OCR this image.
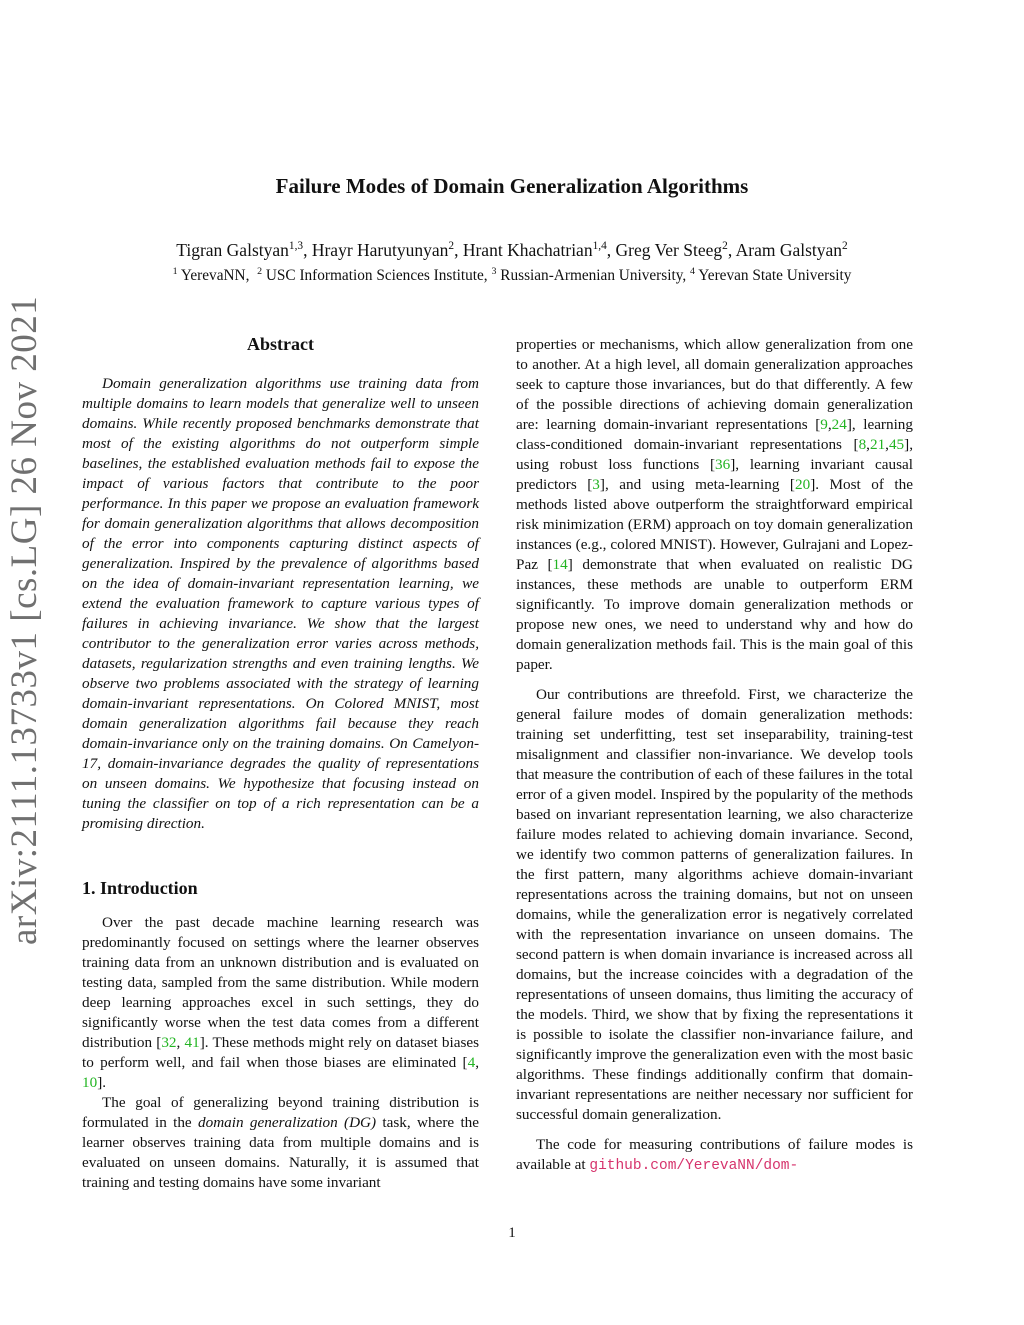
arXiv:2111.13733v1 [cs.LG] 26 Nov 2021
Failure Modes of Domain Generalization Algorithms
Tigran Galstyan$^{1,3}$, Hrayr Harutyunyan$^2$, Hrant Khachatrian$^{1,4}$, Greg Ver Steeg$^2$, Aram Galstyan$^2$
$^1$ YerevaNN, $^2$ USC Information Sciences Institute, $^3$ Russian-Armenian University, $^4$ Yerevan State University
Abstract

Domain generalization algorithms use training data from multiple domains to learn models that generalize well to unseen domains. While recently proposed benchmarks demonstrate that most of the existing algorithms do not outperform simple baselines, the established evaluation methods fail to expose the impact of various factors that contribute to the poor performance. In this paper we propose an evaluation framework for domain generalization algorithms that allows decomposition of the error into components capturing distinct aspects of generalization. Inspired by the prevalence of algorithms based on the idea of domain-invariant representation learning, we extend the evaluation framework to capture various types of failures in achieving invariance. We show that the largest contributor to the generalization error varies across methods, datasets, regularization strengths and even training lengths. We observe two problems associated with the strategy of learning domain-invariant representations. On Colored MNIST, most domain generalization algorithms fail because they reach domain-invariance only on the training domains. On Camelyon-17, domain-invariance degrades the quality of representations on unseen domains. We hypothesize that focusing instead on tuning the classifier on top of a rich representation can be a promising direction.

1. Introduction

Over the past decade machine learning research was predominantly focused on settings where the learner observes training data from an unknown distribution and is evaluated on testing data, sampled from the same distribution. While modern deep learning approaches excel in such settings, they do significantly worse when the test data comes from a different distribution [32, 41]. These methods might rely on dataset biases to perform well, and fail when those biases are eliminated [4, 10].

The goal of generalizing beyond training distribution is formulated in the domain generalization (DG) task, where the learner observes training data from multiple domains and is evaluated on unseen domains. Naturally, it is assumed that training and testing domains have some invariant

properties or mechanisms, which allow generalization from one to another. At a high level, all domain generalization approaches seek to capture those invariances, but do that differently. A few of the possible directions of achieving domain generalization are: learning domain-invariant representations [9,24], learning class-conditioned domain-invariant representations [8,21,45], using robust loss functions [36], learning invariant causal predictors [3], and using meta-learning [20]. Most of the methods listed above outperform the straightforward empirical risk minimization (ERM) approach on toy domain generalization instances (e.g., colored MNIST). However, Gulrajani and Lopez-Paz [14] demonstrate that when evaluated on realistic DG instances, these methods are unable to outperform ERM significantly. To improve domain generalization methods or propose new ones, we need to understand why and how do domain generalization methods fail. This is the main goal of this paper.

Our contributions are threefold. First, we characterize the general failure modes of domain generalization methods: training set underfitting, test set inseparability, training-test misalignment and classifier non-invariance. We develop tools that measure the contribution of each of these failures in the total error of a given model. Inspired by the popularity of the methods based on invariant representation learning, we also characterize failure modes related to achieving domain invariance. Second, we identify two common patterns of generalization failures. In the first pattern, many algorithms achieve domain-invariant representations across the training domains, but not on unseen domains, while the generalization error is negatively correlated with the representation invariance on unseen domains. The second pattern is when domain invariance is increased across all domains, but the increase coincides with a degradation of the representations of unseen domains, thus limiting the accuracy of the models. Third, we show that by fixing the representations it is possible to isolate the classifier non-invariance failure, and significantly improve the generalization even with the most basic algorithms. These findings additionally confirm that domain-invariant representations are neither necessary nor sufficient for successful domain generalization.

The code for measuring contributions of failure modes is available at github.com/YerevaNN/dom-

1
